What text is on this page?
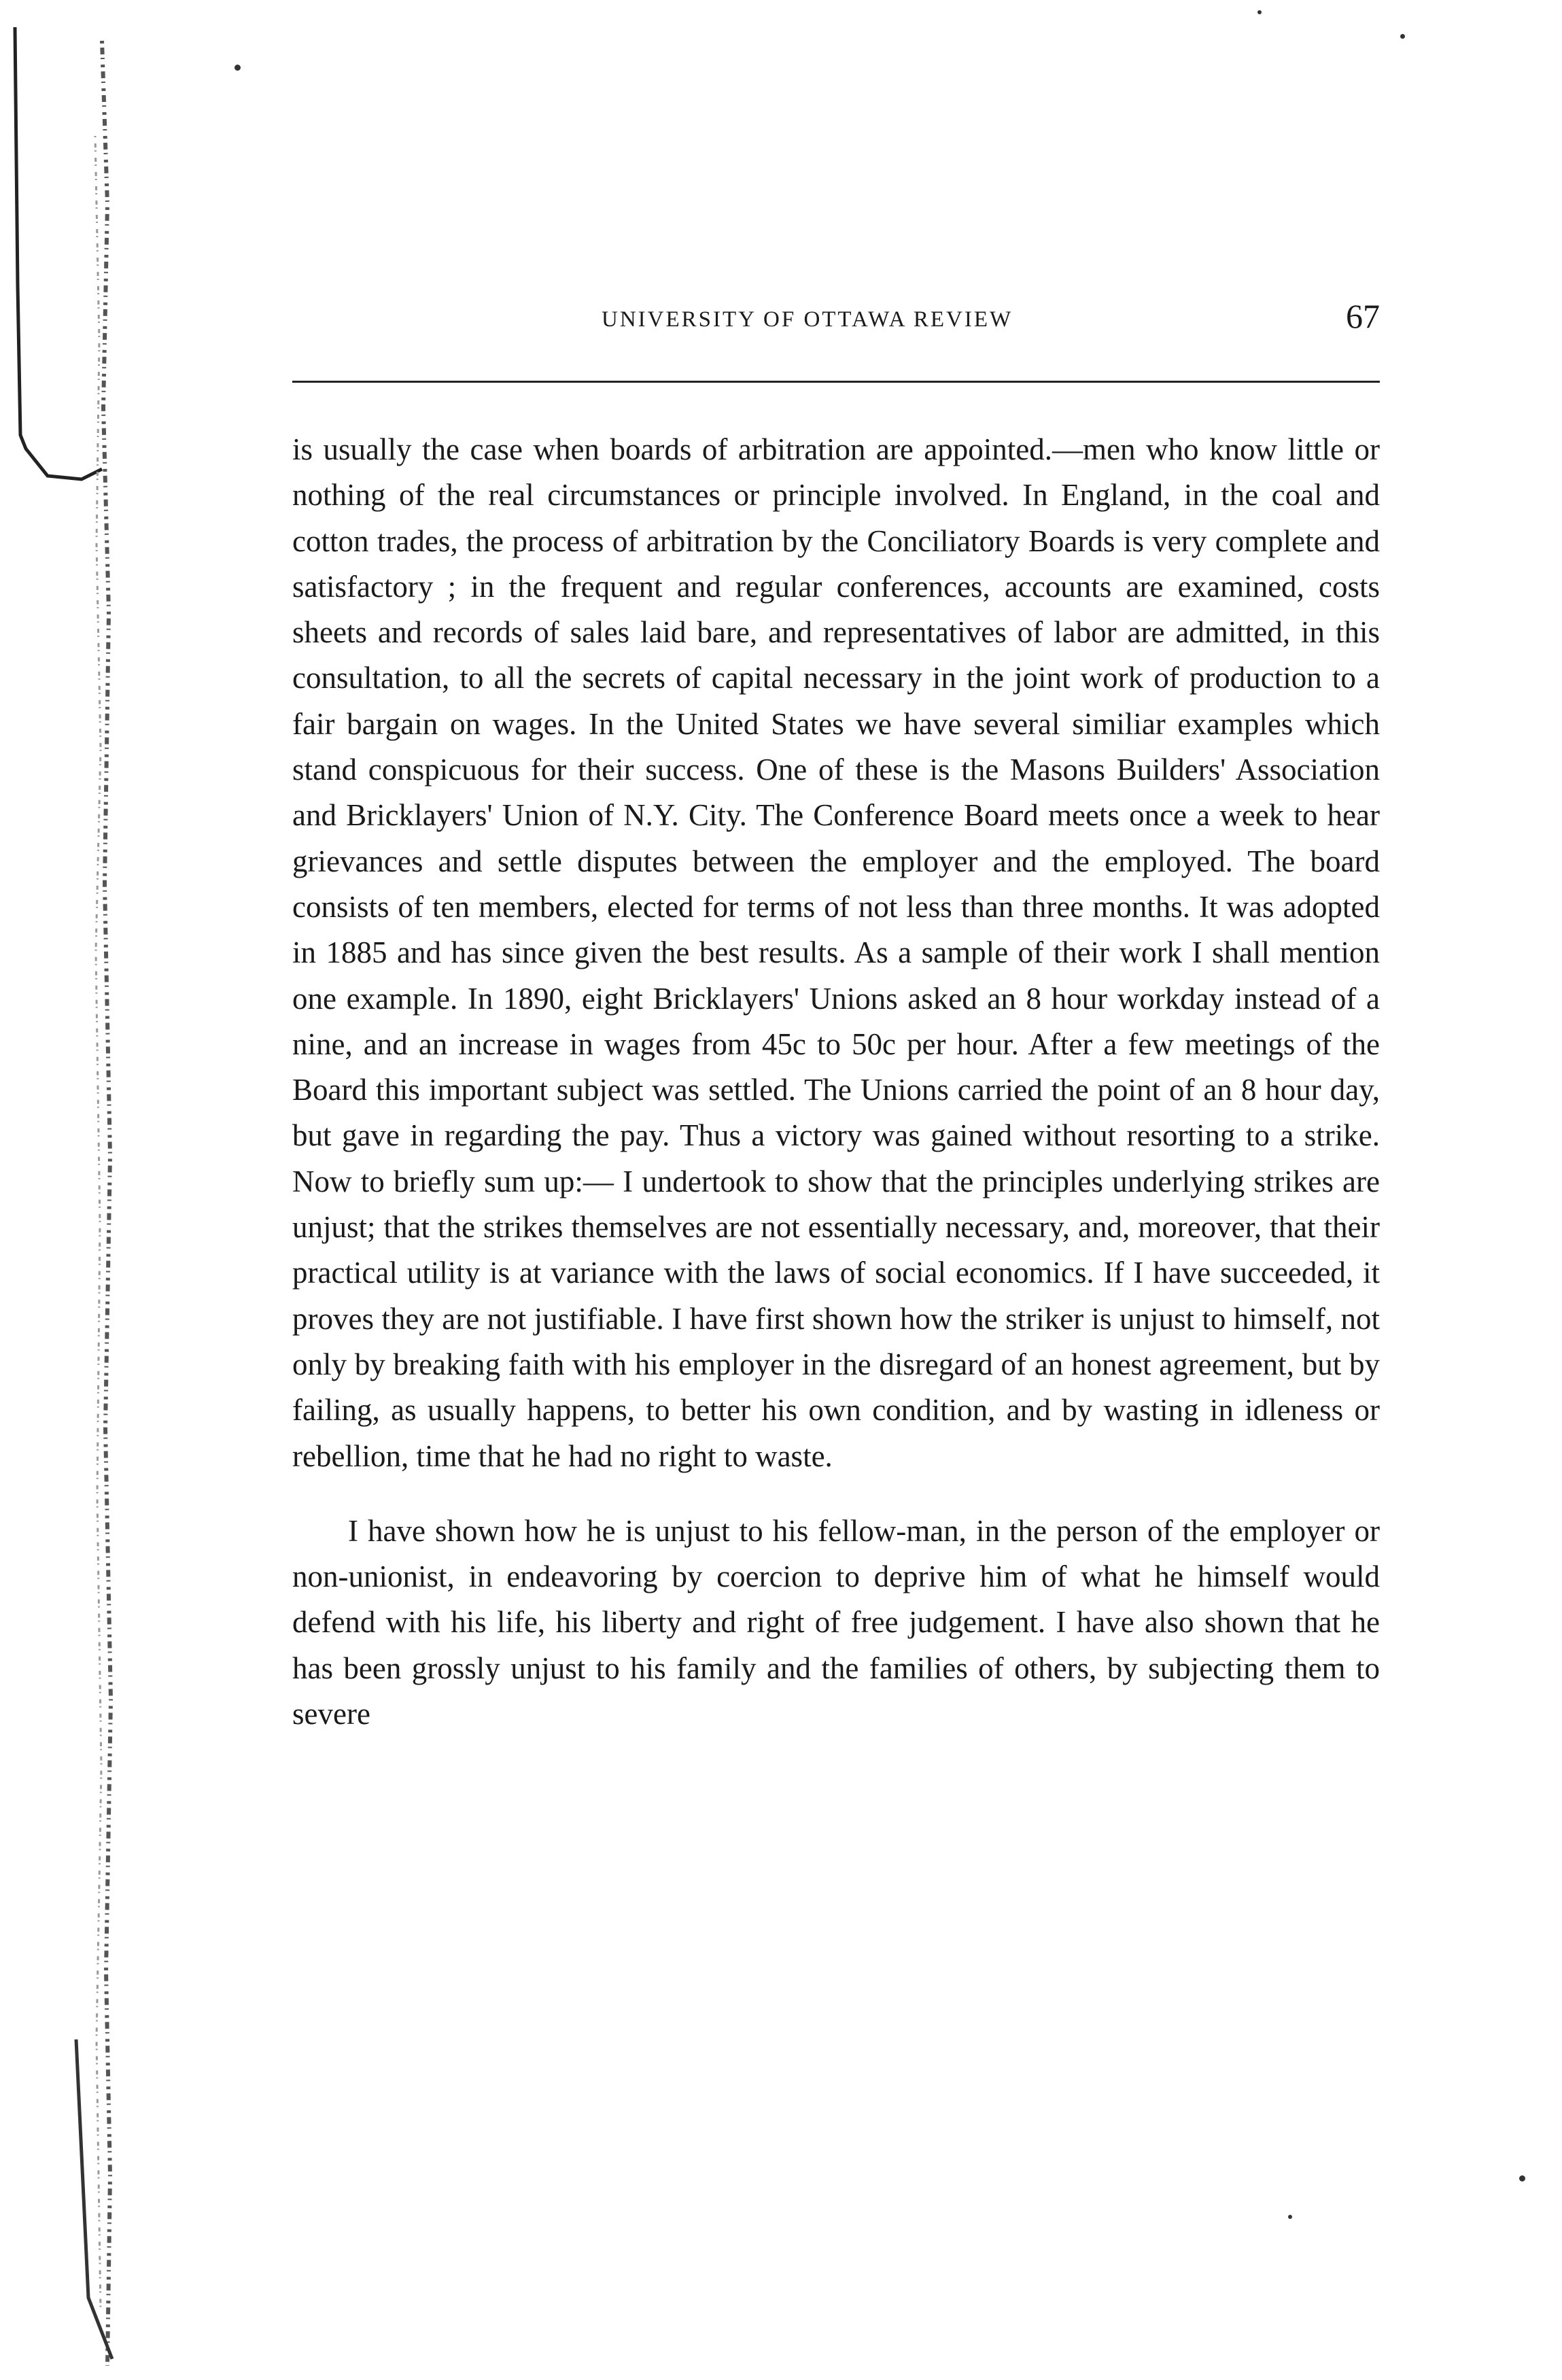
UNIVERSITY OF OTTAWA REVIEW	67

is usually the case when boards of arbitration are appointed.—men who know little or nothing of the real circumstances or principle involved. In England, in the coal and cotton trades, the process of arbitration by the Conciliatory Boards is very complete and satisfactory ; in the frequent and regular conferences, accounts are examined, costs sheets and records of sales laid bare, and representatives of labor are admitted, in this consultation, to all the secrets of capital necessary in the joint work of production to a fair bargain on wages. In the United States we have several similiar examples which stand conspicuous for their success. One of these is the Masons Builders' Association and Bricklayers' Union of N.Y. City. The Conference Board meets once a week to hear grievances and settle disputes between the employer and the employed. The board consists of ten members, elected for terms of not less than three months. It was adopted in 1885 and has since given the best results. As a sample of their work I shall mention one example. In 1890, eight Bricklayers' Unions asked an 8 hour workday instead of a nine, and an increase in wages from 45c to 50c per hour. After a few meetings of the Board this important subject was settled. The Unions carried the point of an 8 hour day, but gave in regarding the pay. Thus a victory was gained without resorting to a strike. Now to briefly sum up:— I undertook to show that the principles underlying strikes are unjust; that the strikes themselves are not essentially necessary, and, moreover, that their practical utility is at variance with the laws of social economics. If I have succeeded, it proves they are not justifiable. I have first shown how the striker is unjust to himself, not only by breaking faith with his employer in the disregard of an honest agreement, but by failing, as usually happens, to better his own condition, and by wasting in idleness or rebellion, time that he had no right to waste.

I have shown how he is unjust to his fellow-man, in the person of the employer or non-unionist, in endeavoring by coercion to deprive him of what he himself would defend with his life, his liberty and right of free judgement. I have also shown that he has been grossly unjust to his family and the families of others, by subjecting them to severe
